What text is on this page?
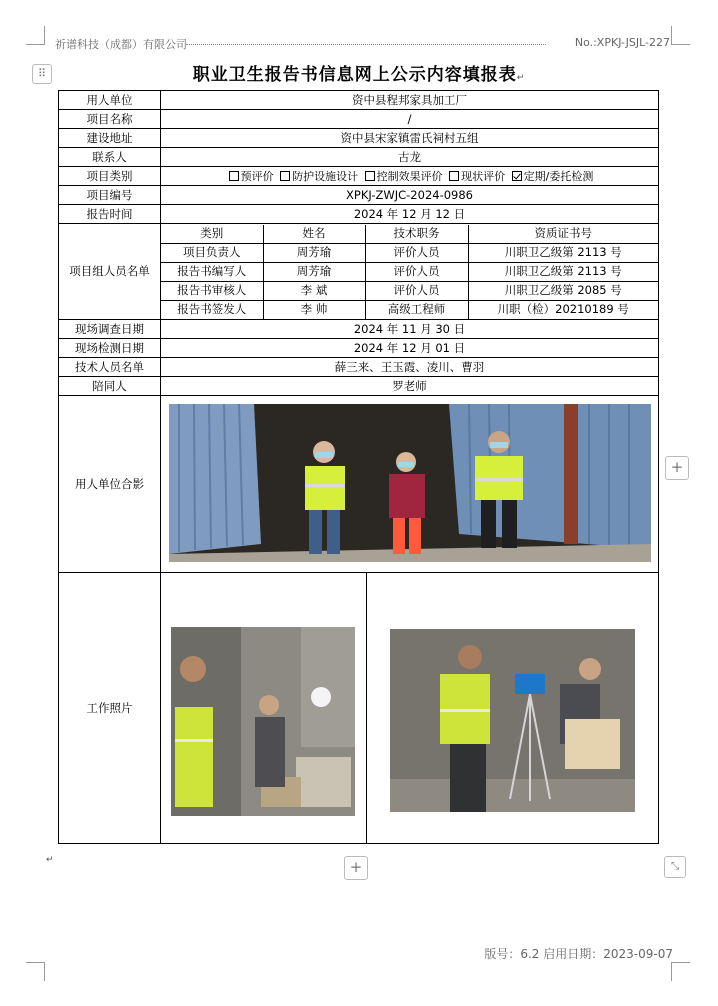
祈谱科技（成都）有限公司	No.:XPKJ-JSJL-227
⠿	职业卫生报告书信息网上公示内容填报表↵
用人单位	资中县程邦家具加工厂
项目名称	/
建设地址	资中县宋家镇雷氏祠村五组
联系人	古龙
项目类别	预评价 防护设施设计 控制效果评价 现状评价 定期/委托检测
项目编号	XPKJ-ZWJC-2024-0986
报告时间	2024 年 12 月 12 日
项目组人员名单	
类别	姓名	技术职务	资质证书号
项目负责人	周芳瑜	评价人员	川职卫乙级第 2113 号
报告书编写人	周芳瑜	评价人员	川职卫乙级第 2113 号
报告书审核人	李 斌	评价人员	川职卫乙级第 2085 号
报告书签发人	李 帅	高级工程师	川职（检）20210189 号

现场调查日期	2024 年 11 月 30 日
现场检测日期	2024 年 12 月 01 日
技术人员名单	薛三来、王玉霞、凌川、曹羽
陪同人	罗老师
用人单位合影	

工作照片	

+
+	⤡
↵
版号：6.2 启用日期：2023-09-07
